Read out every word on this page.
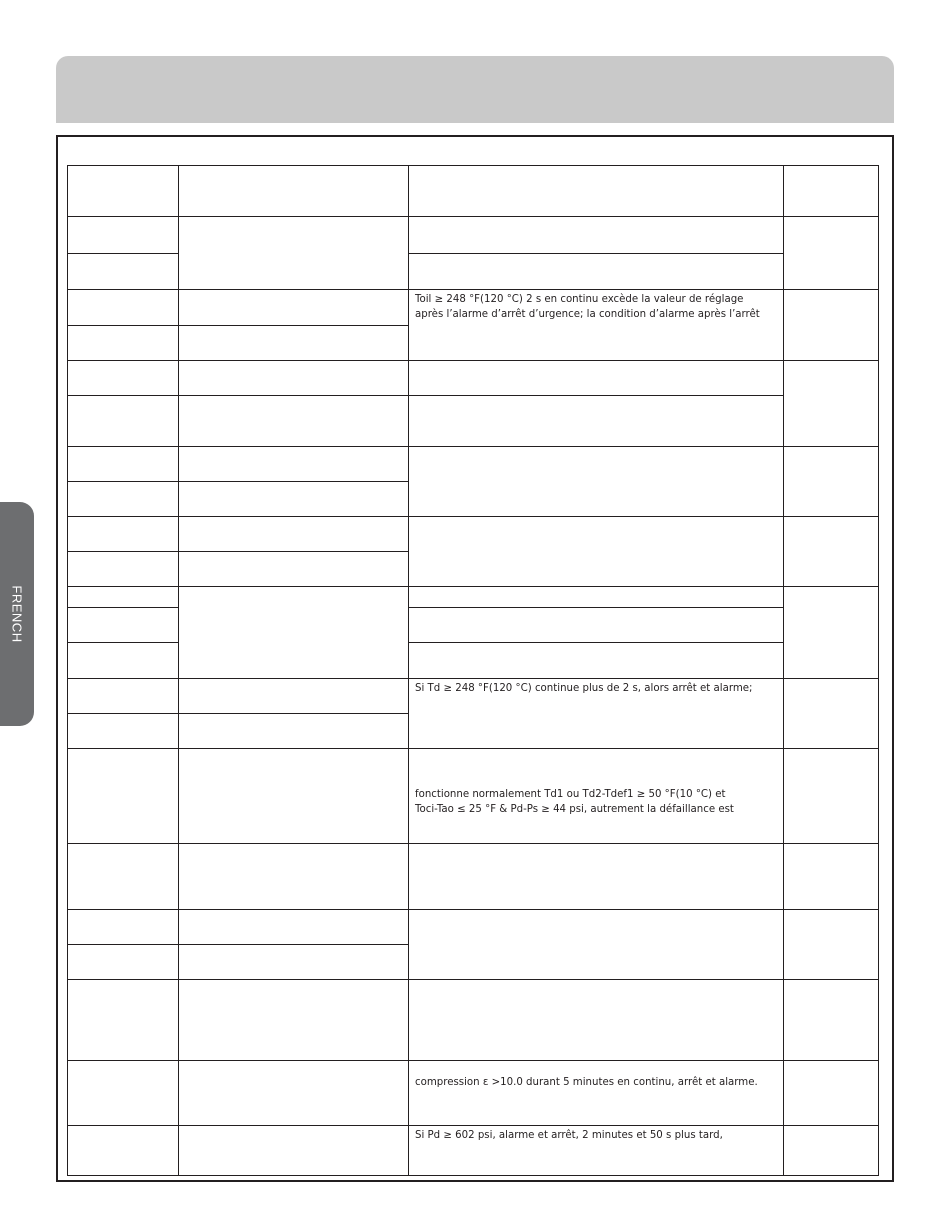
FRENCH
Toil ≥ 248 °F(120 °C) 2 s en continu excède la valeur de réglage
après l’alarme d’arrêt d’urgence; la condition d’alarme après l’arrêt
Si Td ≥ 248 °F(120 °C) continue plus de 2 s, alors arrêt et alarme;
fonctionne normalement Td1 ou Td2-Tdef1 ≥ 50 °F(10 °C) et
Toci-Tao ≤ 25 °F & Pd-Ps ≥ 44 psi, autrement la défaillance est
compression ε >10.0 durant 5 minutes en continu, arrêt et alarme.
Si Pd ≥ 602 psi, alarme et arrêt, 2 minutes et 50 s plus tard,
